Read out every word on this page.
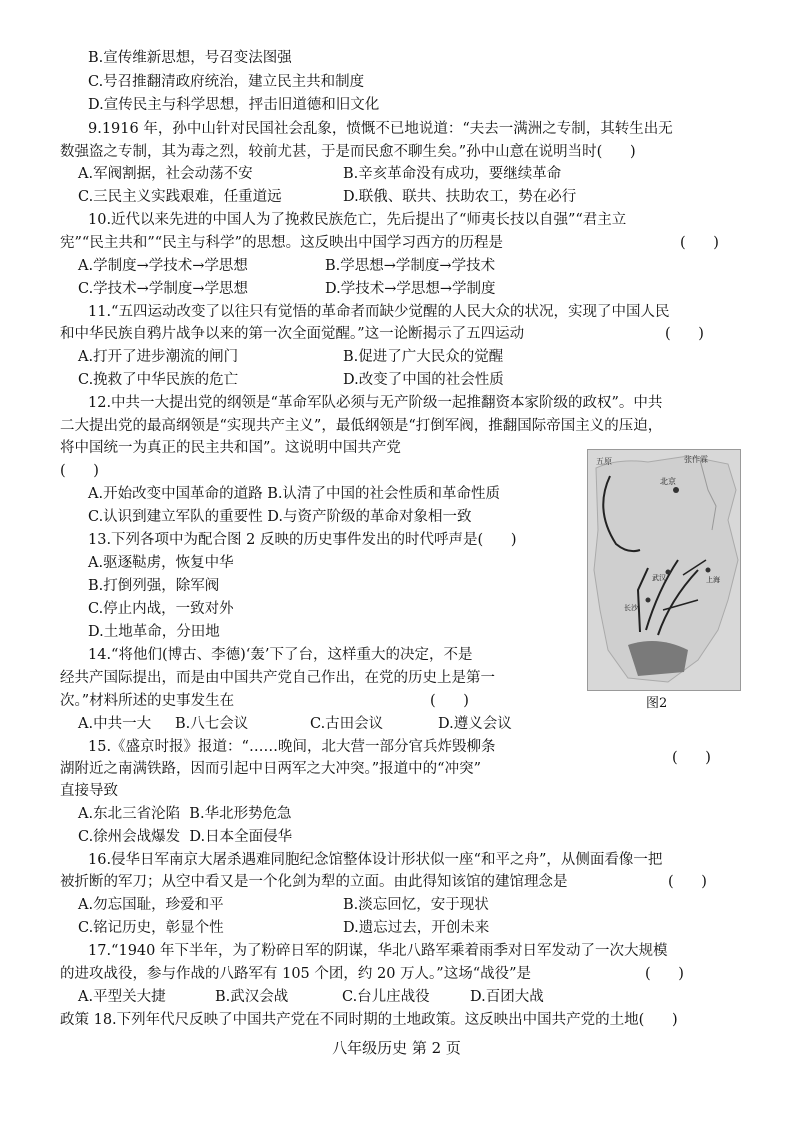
B.宣传维新思想，号召变法图强
C.号召推翻清政府统治，建立民主共和制度
D.宣传民主与科学思想，抨击旧道德和旧文化
9.1916 年，孙中山针对民国社会乱象，愤慨不已地说道：“夫去一满洲之专制，其转生出无
数强盗之专制，其为毒之烈，较前尤甚，于是而民愈不聊生矣。”孙中山意在说明当时(      )
A.军阀割据，社会动荡不安	B.辛亥革命没有成功，要继续革命
C.三民主义实践艰难，任重道远	D.联俄、联共、扶助农工，势在必行
10.近代以来先进的中国人为了挽救民族危亡，先后提出了“师夷长技以自强”“君主立
宪”“民主共和”“民主与科学”的思想。这反映出中国学习西方的历程是	(      )
A.学制度→学技术→学思想	B.学思想→学制度→学技术
C.学技术→学制度→学思想	D.学技术→学思想→学制度
11.“五四运动改变了以往只有觉悟的革命者而缺少觉醒的人民大众的状况，实现了中国人民
和中华民族自鸦片战争以来的第一次全面觉醒。”这一论断揭示了五四运动	(      )
A.打开了进步潮流的闸门	B.促进了广大民众的觉醒
C.挽救了中华民族的危亡	D.改变了中国的社会性质
12.中共一大提出党的纲领是“革命军队必须与无产阶级一起推翻资本家阶级的政权”。中共
二大提出党的最高纲领是“实现共产主义”，最低纲领是“打倒军阀，推翻国际帝国主义的压迫，
将中国统一为真正的民主共和国”。这说明中国共产党
(      )
A.开始改变中国革命的道路 B.认清了中国的社会性质和革命性质
C.认识到建立军队的重要性 D.与资产阶级的革命对象相一致
13.下列各项中为配合图 2 反映的历史事件发出的时代呼声是(      )
A.驱逐鞑虏，恢复中华
B.打倒列强，除军阀
C.停止内战，一致对外
D.土地革命，分田地
14.“将他们(博古、李德)‘轰’下了台，这样重大的决定，不是
经共产国际提出，而是由中国共产党自己作出，在党的历史上是第一
次。”材料所述的史事发生在	(      )
A.中共一大 B.八七会议	C.古田会议	D.遵义会议
15.《盛京时报》报道：“……晚间，北大营一部分官兵炸毁柳条
湖附近之南满铁路，因而引起中日两军之大冲突。”报道中的“冲突”
(      )
直接导致
A.东北三省沦陷  B.华北形势危急
C.徐州会战爆发  D.日本全面侵华
16.侵华日军南京大屠杀遇难同胞纪念馆整体设计形状似一座“和平之舟”，从侧面看像一把
被折断的军刀；从空中看又是一个化剑为犁的立面。由此得知该馆的建馆理念是	(      )
A.勿忘国耻，珍爱和平	B.淡忘回忆，安于现状
C.铭记历史，彰显个性	D.遗忘过去，开创未来
17.“1940 年下半年，为了粉碎日军的阴谋，华北八路军乘着雨季对日军发动了一次大规模
的进攻战役，参与作战的八路军有 105 个团，约 20 万人。”这场“战役”是	(      )
A.平型关大捷	B.武汉会战	C.台儿庄战役	D.百团大战
政策 18.下列年代尺反映了中国共产党在不同时期的土地政策。这反映出中国共产党的土地(      )
五原	张作霖
北京
上海
长沙
武汉
图2
八年级历史 第 2 页
